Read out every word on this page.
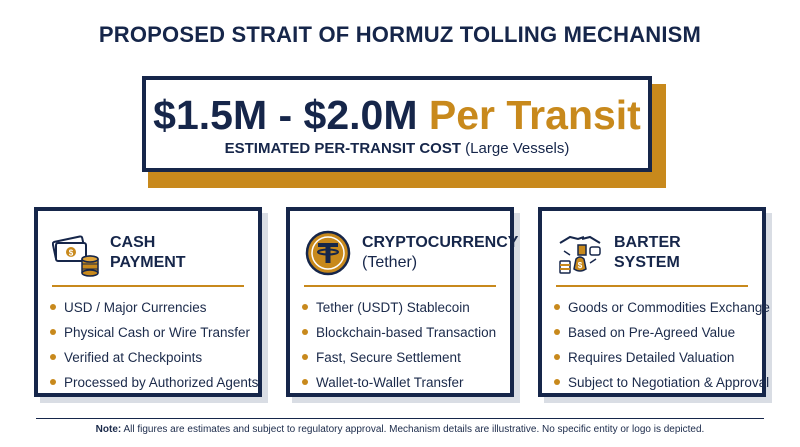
PROPOSED STRAIT OF HORMUZ TOLLING MECHANISM
$1.5M - $2.0M Per Transit
ESTIMATED PER-TRANSIT COST (Large Vessels)
$
CASH
PAYMENT
USD / Major Currencies
Physical Cash or Wire Transfer
Verified at Checkpoints
Processed by Authorized Agents
CRYPTOCURRENCY
(Tether)
Tether (USDT) Stablecoin
Blockchain-based Transaction
Fast, Secure Settlement
Wallet-to-Wallet Transfer
$
BARTER
SYSTEM
Goods or Commodities Exchange
Based on Pre-Agreed Value
Requires Detailed Valuation
Subject to Negotiation & Approval
Note: All figures are estimates and subject to regulatory approval. Mechanism details are illustrative. No specific entity or logo is depicted.
